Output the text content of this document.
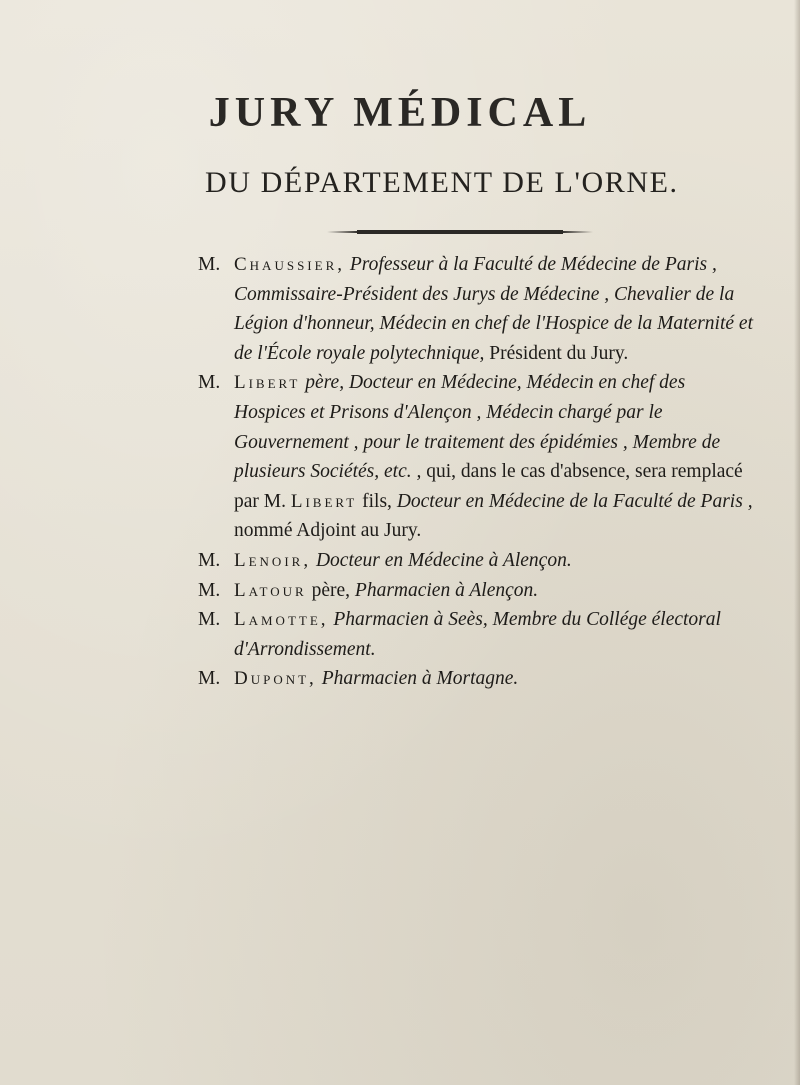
JURY MÉDICAL
DU DÉPARTEMENT DE L'ORNE.

M. Chaussier, Professeur à la Faculté de Médecine de Paris , Commissaire-Président des Jurys de Médecine , Chevalier de la Légion d'honneur, Médecin en chef de l'Hospice de la Maternité et de l'École royale polytechnique, Président du Jury.

M. Libert père, Docteur en Médecine, Médecin en chef des Hospices et Prisons d'Alençon , Médecin chargé par le Gouvernement , pour le traitement des épidémies , Membre de plusieurs Sociétés, etc. , qui, dans le cas d'absence, sera remplacé par M. Libert fils, Docteur en Médecine de la Faculté de Paris , nommé Adjoint au Jury.

M. Lenoir, Docteur en Médecine à Alençon.

M. Latour père, Pharmacien à Alençon.

M. Lamotte, Pharmacien à Seès, Membre du Collége électoral d'Arrondissement.

M. Dupont, Pharmacien à Mortagne.
